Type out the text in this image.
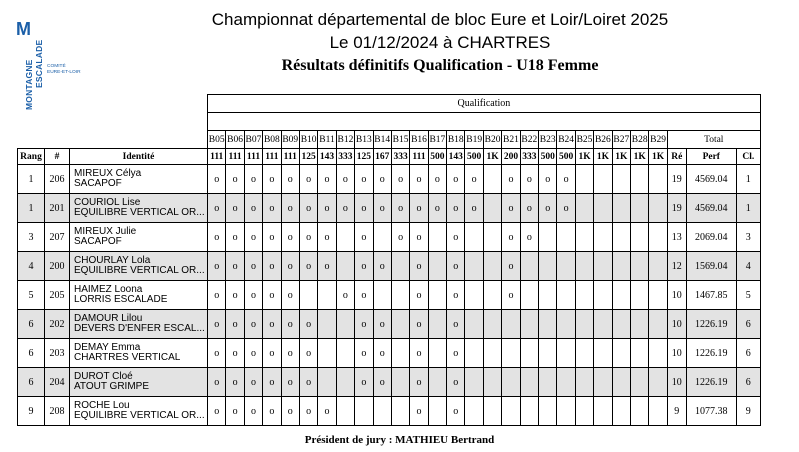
M
MONTAGNE ESCALADE COMITÉ
EURE-ET-LOIR
Championnat départemental de bloc Eure et Loir/Loiret 2025
Le 01/12/2024 à CHARTRES
Résultats définitifs Qualification - U18 Femme
			Qualification																											

			B05	B06	B07	B08	B09	B10	B11	B12	B13	B14	B15	B16	B17	B18	B19	B20	B21	B22	B23	B24	B25	B26	B27	B28	B29	Total		
Rang	#	Identité	111	111	111	111	111	125	143	333	125	167	333	111	500	143	500	1K	200	333	500	500	1K	1K	1K	1K	1K	Ré	Perf	Cl.
1	206	MIREUX Célya
SACAPOF	o	o	o	o	o	o	o	o	o	o	o	o	o	o	o		o	o	o	o						19	4569.04	1
1	201	COURIOL Lise
EQUILIBRE VERTICAL OR...	o	o	o	o	o	o	o	o	o	o	o	o	o	o	o		o	o	o	o						19	4569.04	1
3	207	MIREUX Julie
SACAPOF	o	o	o	o	o	o	o		o		o	o		o			o	o								13	2069.04	3
4	200	CHOURLAY Lola
EQUILIBRE VERTICAL OR...	o	o	o	o	o	o	o		o	o		o		o			o									12	1569.04	4
5	205	HAIMEZ Loona
LORRIS ESCALADE	o	o	o	o	o			o	o			o		o			o									10	1467.85	5
6	202	DAMOUR Lilou
DEVERS D'ENFER ESCAL...	o	o	o	o	o	o			o	o		o		o												10	1226.19	6
6	203	DEMAY Emma
CHARTRES VERTICAL	o	o	o	o	o	o			o	o		o		o												10	1226.19	6
6	204	DUROT Cloé
ATOUT GRIMPE	o	o	o	o	o	o			o	o		o		o												10	1226.19	6
9	208	ROCHE Lou
EQUILIBRE VERTICAL OR...	o	o	o	o	o	o	o					o		o												9	1077.38	9
Président de jury : MATHIEU Bertrand
